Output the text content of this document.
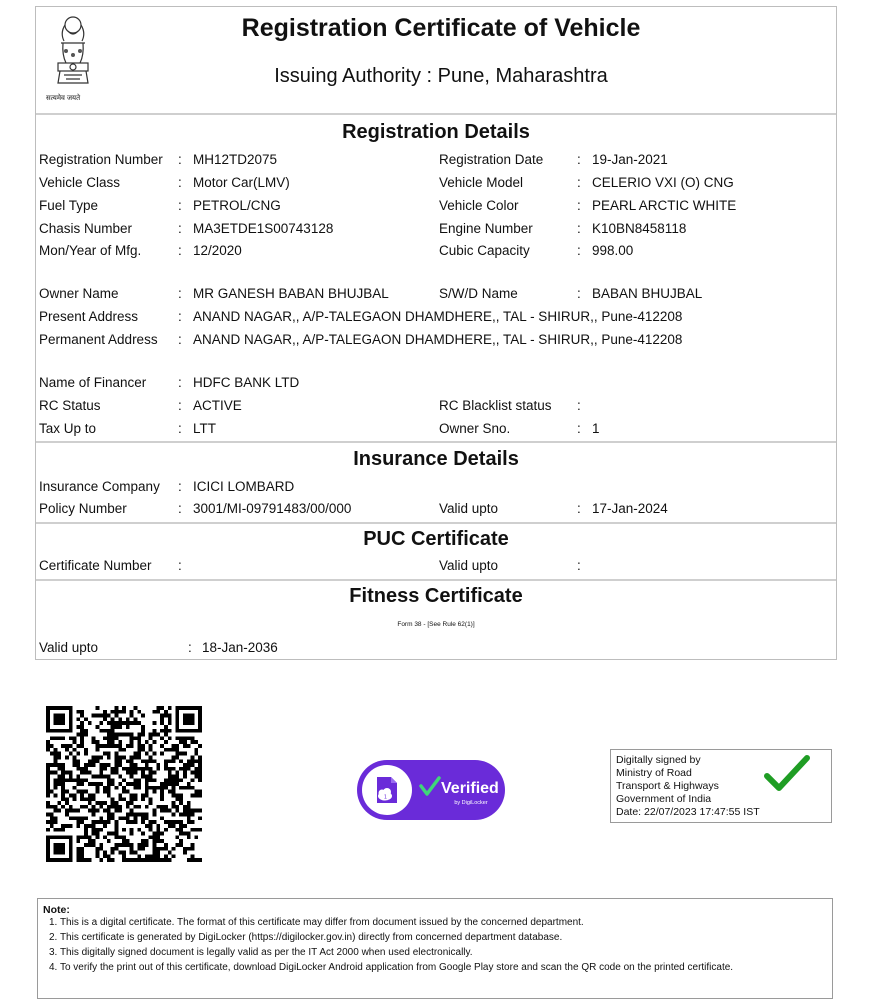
सत्यमेव जयते
Registration Certificate of Vehicle
Issuing Authority : Pune, Maharashtra
Registration Details
Registration Number : MH12TD2075	Registration Date : 19-Jan-2021
Vehicle Class	: Motor Car(LMV)	Vehicle Model	: CELERIO VXI (O) CNG
Fuel Type	: PETROL/CNG	Vehicle Color	: PEARL ARCTIC WHITE
Chasis Number	: MA3ETDE1S00743128	Engine Number	: K10BN8458118
Mon/Year of Mfg.	: 12/2020	Cubic Capacity	: 998.00
Owner Name	: MR GANESH BABAN BHUJBAL	S/W/D Name	: BABAN BHUJBAL
Present Address	: ANAND NAGAR,, A/P-TALEGAON DHAMDHERE,, TAL - SHIRUR,, Pune-412208
Permanent Address : ANAND NAGAR,, A/P-TALEGAON DHAMDHERE,, TAL - SHIRUR,, Pune-412208
Name of Financer : HDFC BANK LTD
RC Status	: ACTIVE	RC Blacklist status :
Tax Up to	: LTT	Owner Sno.	: 1
Insurance Details
Insurance Company : ICICI LOMBARD
Policy Number	: 3001/MI-09791483/00/000	Valid upto	: 17-Jan-2024
PUC Certificate
Certificate Number :	Valid upto	:
Fitness Certificate
Form 38 - [See Rule 62(1)]
Valid upto	: 18-Jan-2036
1
Verified
by DigiLocker
Digitally signed by
Ministry of Road
Transport & Highways
Government of India
Date: 22/07/2023 17:47:55 IST
Note:
1. This is a digital certificate. The format of this certificate may differ from document issued by the concerned department.
2. This certificate is generated by DigiLocker (https://digilocker.gov.in) directly from concerned department database.
3. This digitally signed document is legally valid as per the IT Act 2000 when used electronically.
4. To verify the print out of this certificate, download DigiLocker Android application from Google Play store and scan the QR code on the printed certificate.
